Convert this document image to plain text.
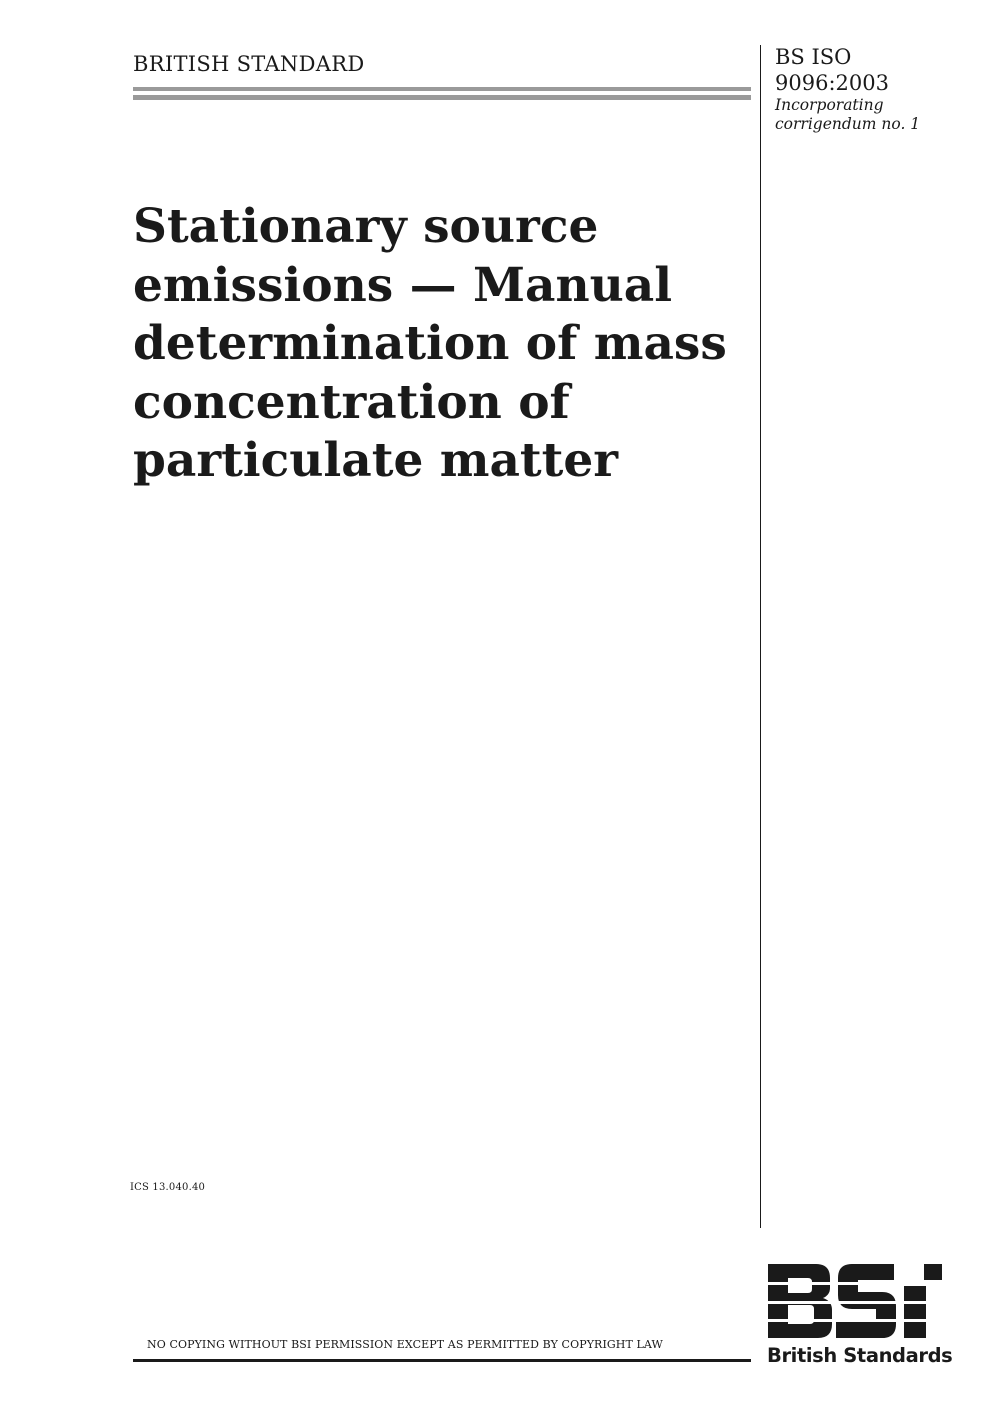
BRITISH STANDARD	BS ISO
9096:2003
Incorporating
corrigendum no. 1
Stationary source
emissions — Manual
determination of mass
concentration of
particulate matter
ICS 13.040.40
NO COPYING WITHOUT BSI PERMISSION EXCEPT AS PERMITTED BY COPYRIGHT LAW	British Standards
